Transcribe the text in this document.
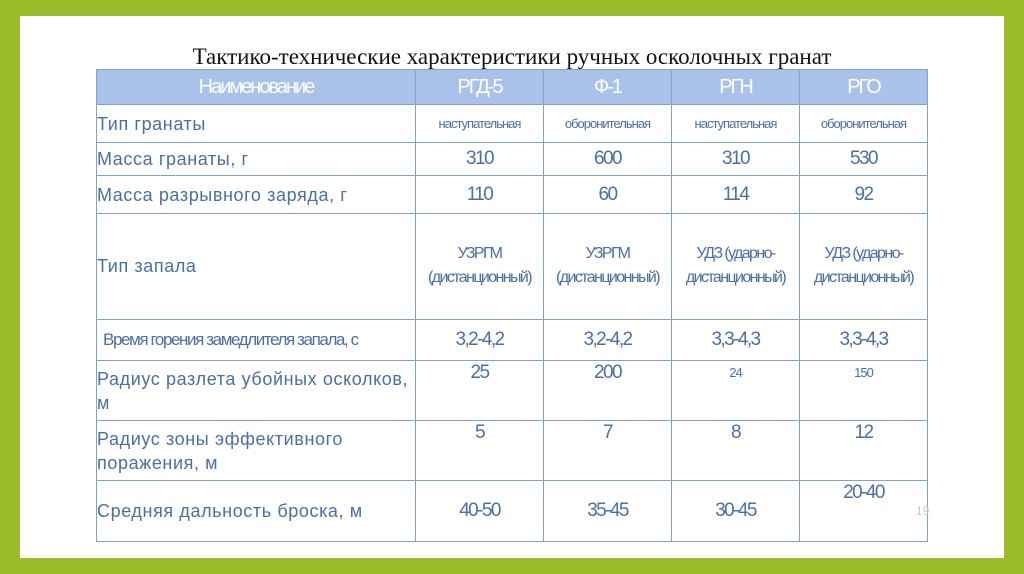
Тактико-технические характеристики ручных осколочных гранат
Наименование	РГД-5	Ф-1	РГН	РГО
Тип гранаты	наступательная	оборонительная	наступательная	оборонительная
Масса гранаты, г	310	600	310	530
Масса разрывного заряда, г	110	60	114	92
Тип запала	УЗРГМ (дистанционный)	УЗРГМ (дистанционный)	УДЗ (ударно-дистанционный)	УДЗ (ударно-дистанционный)
Время горения замедлителя запала, с	3,2-4,2	3,2-4,2	3,3-4,3	3,3-4,3
Радиус разлета убойных осколков, м	25	200	24	150
Радиус зоны эффективного поражения, м	5	7	8	12
Средняя дальность броска, м	40-50	35-45	30-45	20-40
19
